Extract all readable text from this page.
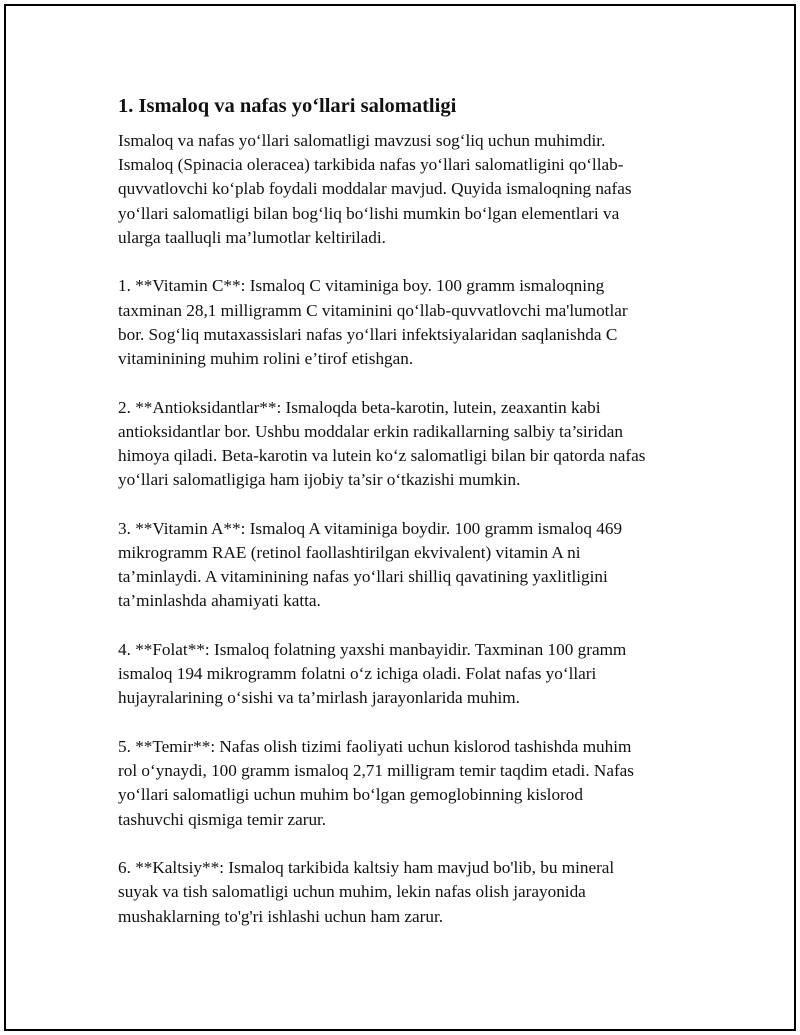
1. Ismaloq va nafas yo‘llari salomatligi
Ismaloq va nafas yo‘llari salomatligi mavzusi sog‘liq uchun muhimdir.
Ismaloq (Spinacia oleracea) tarkibida nafas yo‘llari salomatligini qo‘llab-
quvvatlovchi ko‘plab foydali moddalar mavjud. Quyida ismaloqning nafas
yo‘llari salomatligi bilan bog‘liq bo‘lishi mumkin bo‘lgan elementlari va
ularga taalluqli ma’lumotlar keltiriladi.
1. **Vitamin C**: Ismaloq C vitaminiga boy. 100 gramm ismaloqning
taxminan 28,1 milligramm C vitaminini qo‘llab-quvvatlovchi ma'lumotlar
bor. Sog‘liq mutaxassislari nafas yo‘llari infektsiyalaridan saqlanishda C
vitaminining muhim rolini e’tirof etishgan.
2. **Antioksidantlar**: Ismaloqda beta-karotin, lutein, zeaxantin kabi
antioksidantlar bor. Ushbu moddalar erkin radikallarning salbiy ta’siridan
himoya qiladi. Beta-karotin va lutein ko‘z salomatligi bilan bir qatorda nafas
yo‘llari salomatligiga ham ijobiy ta’sir o‘tkazishi mumkin.
3. **Vitamin A**: Ismaloq A vitaminiga boydir. 100 gramm ismaloq 469
mikrogramm RAE (retinol faollashtirilgan ekvivalent) vitamin A ni
ta’minlaydi. A vitaminining nafas yo‘llari shilliq qavatining yaxlitligini
ta’minlashda ahamiyati katta.
4. **Folat**: Ismaloq folatning yaxshi manbayidir. Taxminan 100 gramm
ismaloq 194 mikrogramm folatni o‘z ichiga oladi. Folat nafas yo‘llari
hujayralarining o‘sishi va ta’mirlash jarayonlarida muhim.
5. **Temir**: Nafas olish tizimi faoliyati uchun kislorod tashishda muhim
rol o‘ynaydi, 100 gramm ismaloq 2,71 milligram temir taqdim etadi. Nafas
yo‘llari salomatligi uchun muhim bo‘lgan gemoglobinning kislorod
tashuvchi qismiga temir zarur.
6. **Kaltsiy**: Ismaloq tarkibida kaltsiy ham mavjud bo'lib, bu mineral
suyak va tish salomatligi uchun muhim, lekin nafas olish jarayonida
mushaklarning to'g'ri ishlashi uchun ham zarur.
